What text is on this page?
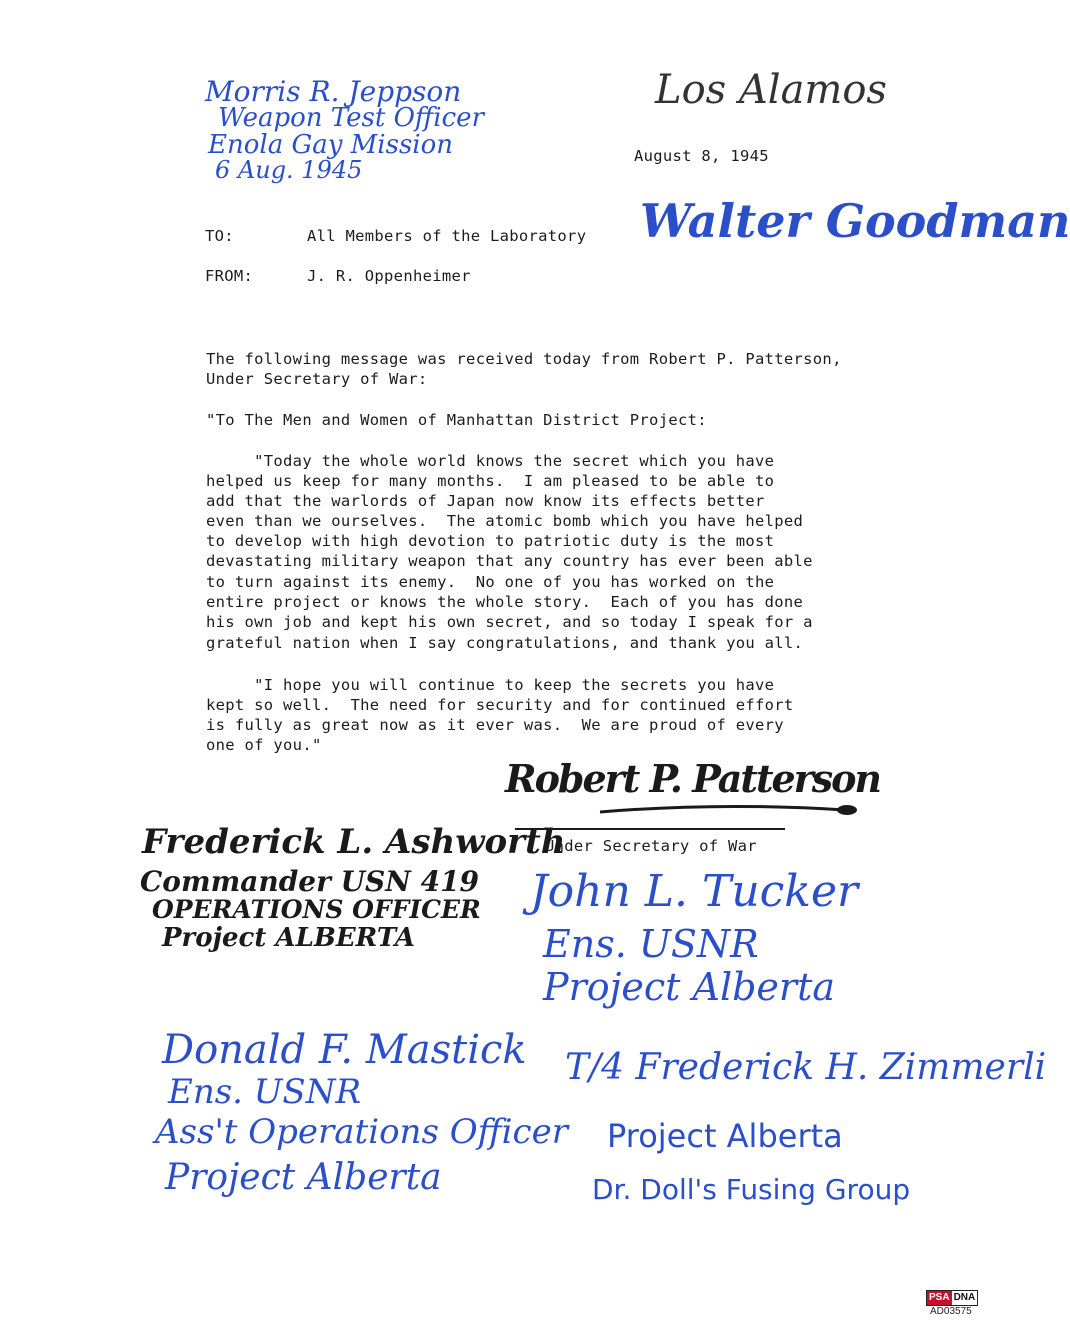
Los Alamos
Morris R. Jeppson
Weapon Test Officer
Enola Gay Mission
6 Aug. 1945	August 8, 1945
TO:	All Members of the Laboratory
FROM:	J. R. Oppenheimer
Walter Goodman
The following message was received today from Robert P. Patterson,
Under Secretary of War:
"To The Men and Women of Manhattan District Project:
"Today the whole world knows the secret which you have
helped us keep for many months.  I am pleased to be able to
add that the warlords of Japan now know its effects better
even than we ourselves.  The atomic bomb which you have helped
to develop with high devotion to patriotic duty is the most
devastating military weapon that any country has ever been able
to turn against its enemy.  No one of you has worked on the
entire project or knows the whole story.  Each of you has done
his own job and kept his own secret, and so today I speak for a
grateful nation when I say congratulations, and thank you all.
"I hope you will continue to keep the secrets you have
kept so well.  The need for security and for continued effort
is fully as great now as it ever was.  We are proud of every
one of you."
Robert P. Patterson
Under Secretary of War
Frederick L. Ashworth
Commander USN 419
OPERATIONS OFFICER
Project ALBERTA
John L. Tucker
Ens. USNR
Project Alberta
Donald F. Mastick
Ens. USNR
Ass't Operations Officer
Project Alberta
T/4 Frederick H. Zimmerli
Project Alberta
Dr. Doll's Fusing Group
PSA DNA
AD03575
